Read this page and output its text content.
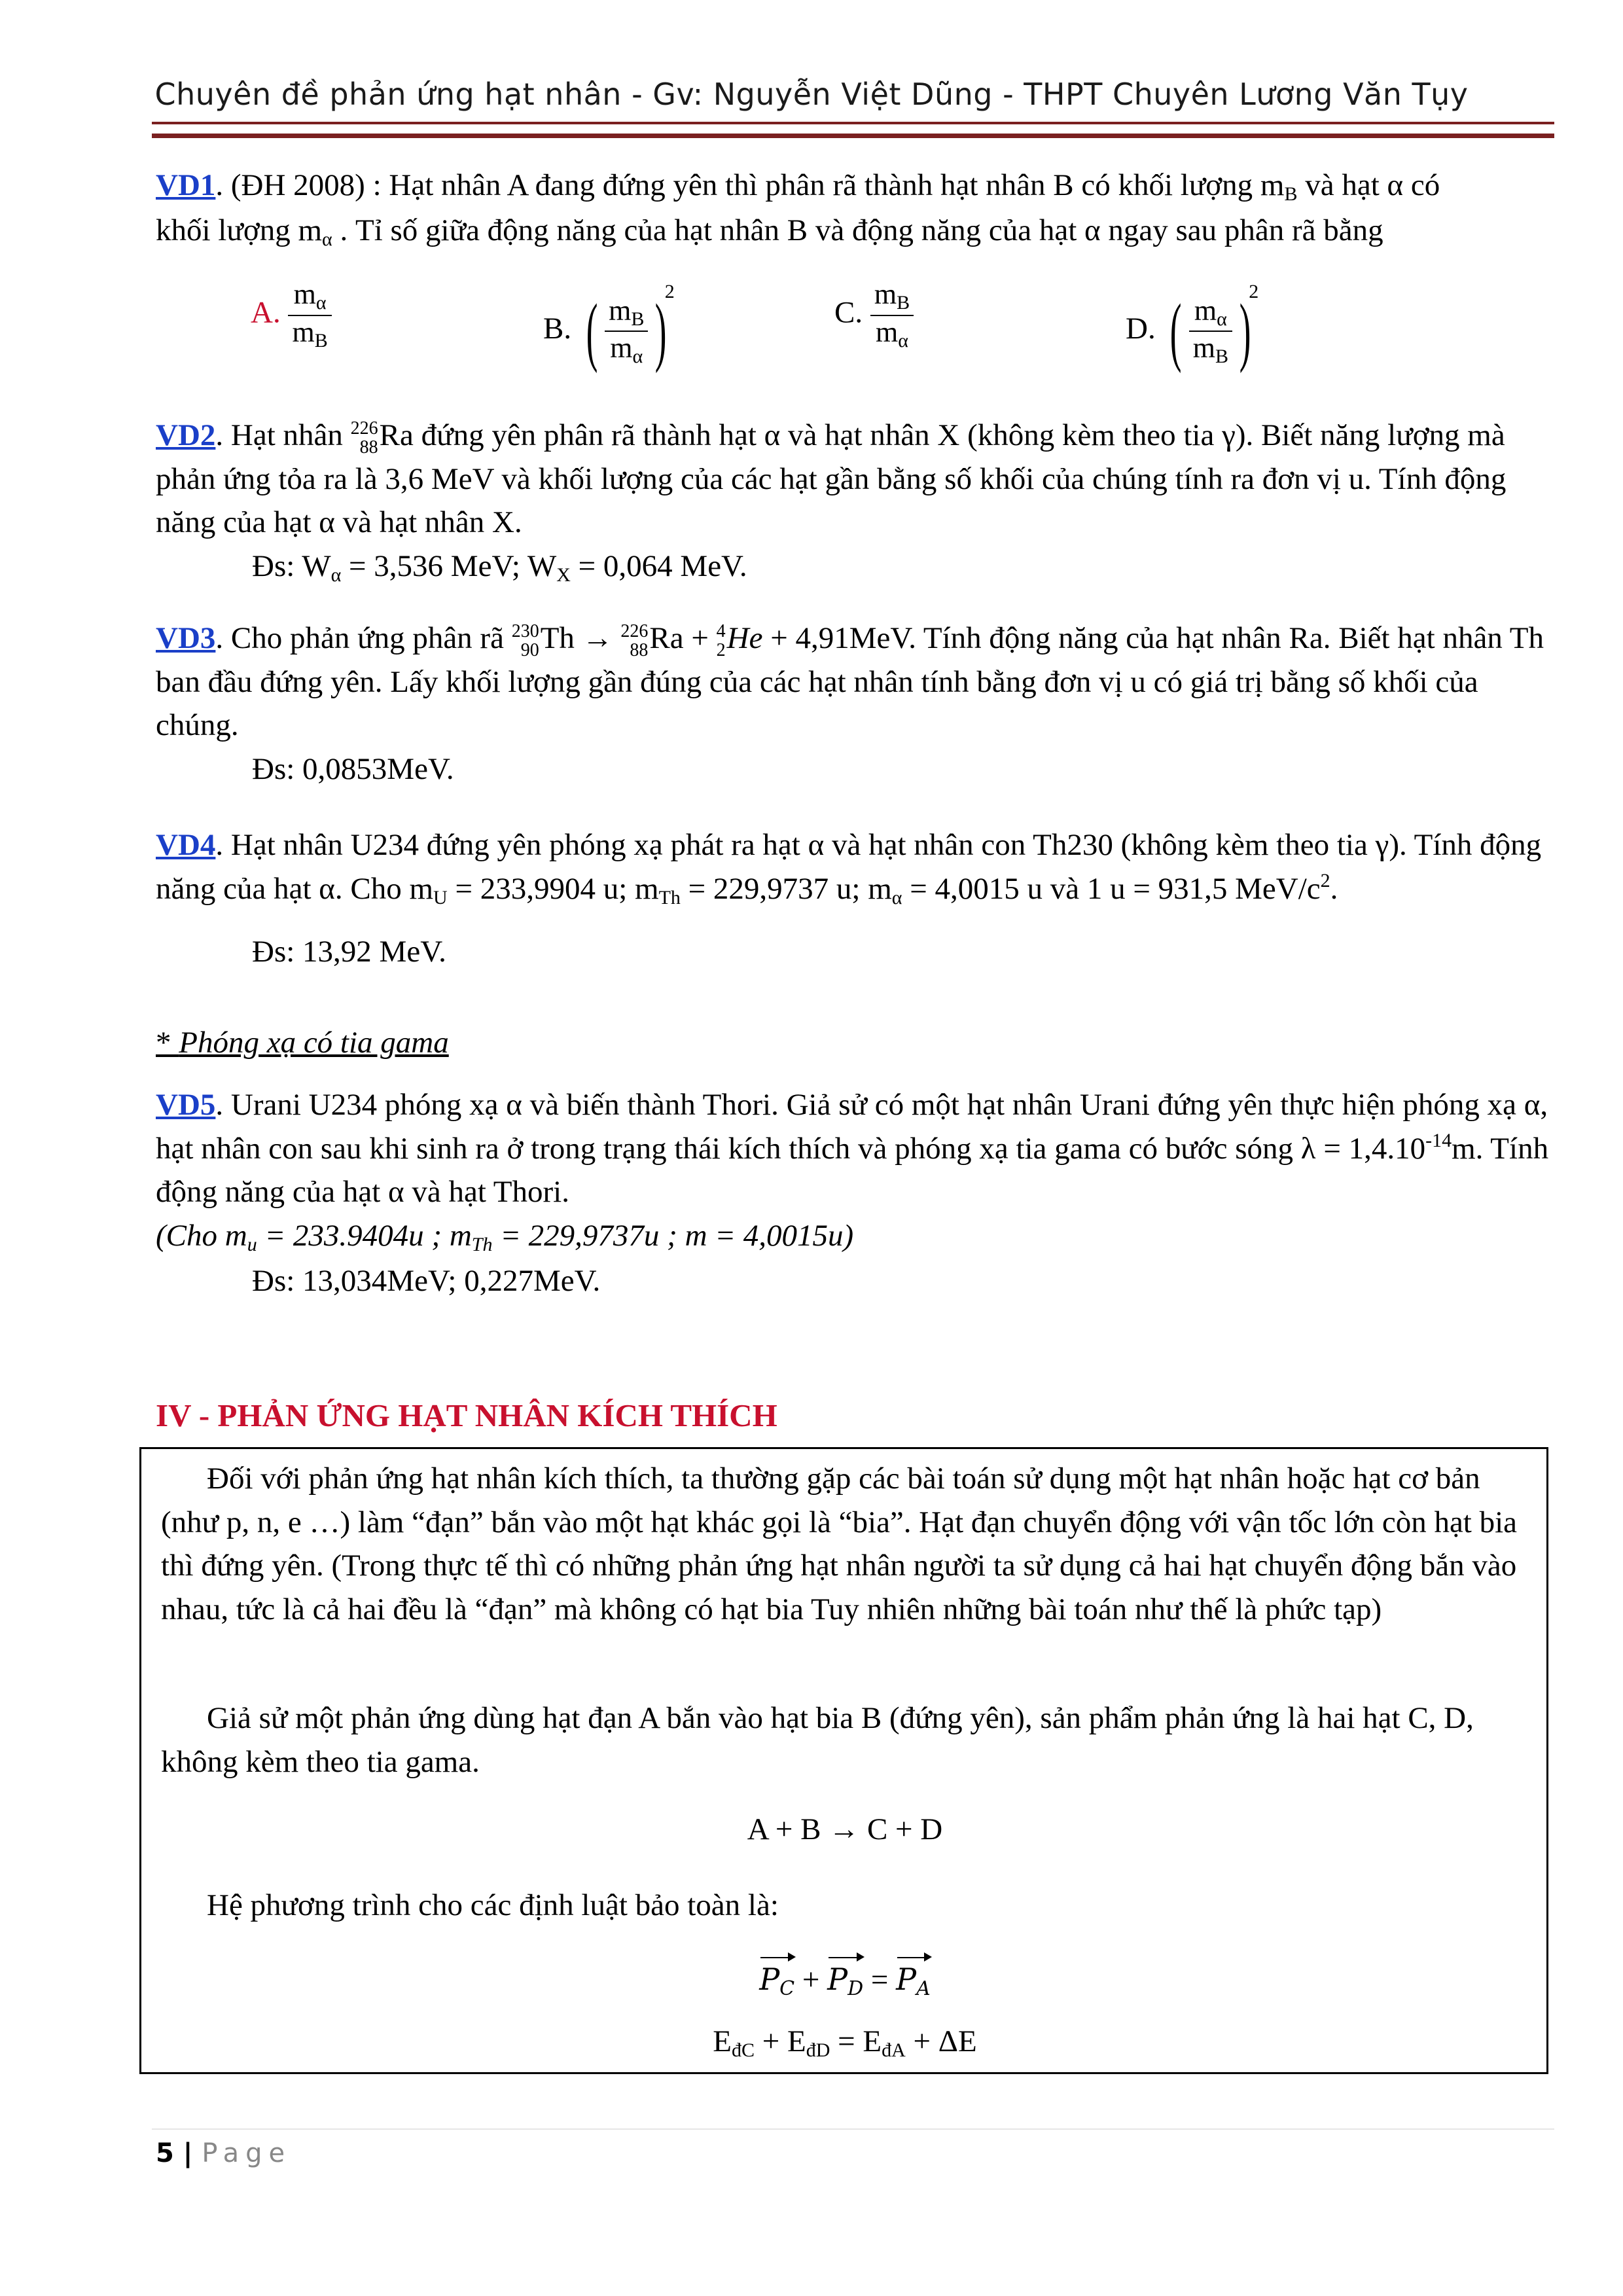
Chuyên đề phản ứng hạt nhân - Gv: Nguyễn Việt Dũng - THPT Chuyên Lương Văn Tụy
VD1. (ĐH 2008) : Hạt nhân A đang đứng yên thì phân rã thành hạt nhân B có khối lượng $m_B$ và hạt α có
khối lượng $m_\alpha$ . Tỉ số giữa động năng của hạt nhân B và động năng của hạt α ngay sau phân rã bằng
A. $\frac{m_\alpha}{m_B}$	B. ( $\frac{m_B}{m_\alpha} )2$
C. $\frac{m_B}{m_\alpha}$	D. ( $\frac{m_\alpha}{m_B} )2$
VD2. Hạt nhân 226
88 Ra đứng yên phân rã thành hạt α và hạt nhân X (không kèm theo tia γ). Biết năng lượng mà phản ứng tỏa ra là 3,6 MeV và khối lượng của các hạt gần bằng số khối của chúng tính ra đơn vị u. Tính động năng của hạt α và hạt nhân X.
Đs: $W_\alpha = 3,536$ MeV; $W_X = 0,064$ MeV.
VD3. Cho phản ứng phân rã 230
90 Th → 226
88 Ra + 4
2 He + 4,91MeV. Tính động năng của hạt nhân Ra. Biết hạt nhân Th ban đầu đứng yên. Lấy khối lượng gần đúng của các hạt nhân tính bằng đơn vị u có giá trị bằng số khối của chúng.
Đs: 0,0853MeV.
VD4. Hạt nhân U234 đứng yên phóng xạ phát ra hạt α và hạt nhân con Th230 (không kèm theo tia γ). Tính động năng của hạt α. Cho $m_U = 233,9904$ u; $m_{Th} = 229,9737$ u; $m_\alpha = 4,0015$ u và 1 u = 931,5 MeV/$c^2$.
Đs: 13,92 MeV.
* Phóng xạ có tia gama
VD5. Urani U234 phóng xạ α và biến thành Thori. Giả sử có một hạt nhân Urani đứng yên thực hiện phóng xạ α, hạt nhân con sau khi sinh ra ở trong trạng thái kích thích và phóng xạ tia gama có bước sóng $\lambda = 1,4.10^{-14}m$. Tính động năng của hạt α và hạt Thori.
(Cho $m_u = 233.9404u$ ; $m_{Th} = 229,9737u$ ; m = 4,0015u)
Đs: 13,034MeV; 0,227MeV.
IV - PHẢN ỨNG HẠT NHÂN KÍCH THÍCH
Đối với phản ứng hạt nhân kích thích, ta thường gặp các bài toán sử dụng một hạt nhân hoặc hạt cơ bản (như p, n, e …) làm “đạn” bắn vào một hạt khác gọi là “bia”. Hạt đạn chuyển động với vận tốc lớn còn hạt bia thì đứng yên. (Trong thực tế thì có những phản ứng hạt nhân người ta sử dụng cả hai hạt chuyển động bắn vào nhau, tức là cả hai đều là “đạn” mà không có hạt bia Tuy nhiên những bài toán như thế là phức tạp)
Giả sử một phản ứng dùng hạt đạn A bắn vào hạt bia B (đứng yên), sản phẩm phản ứng là hai hạt C, D, không kèm theo tia gama.
A + B → C + D
Hệ phương trình cho các định luật bảo toàn là:
$P_C + P_D = P_A$
$E_{đC} + E_{đD} = E_{đA} + \Delta E$
5 | Page
